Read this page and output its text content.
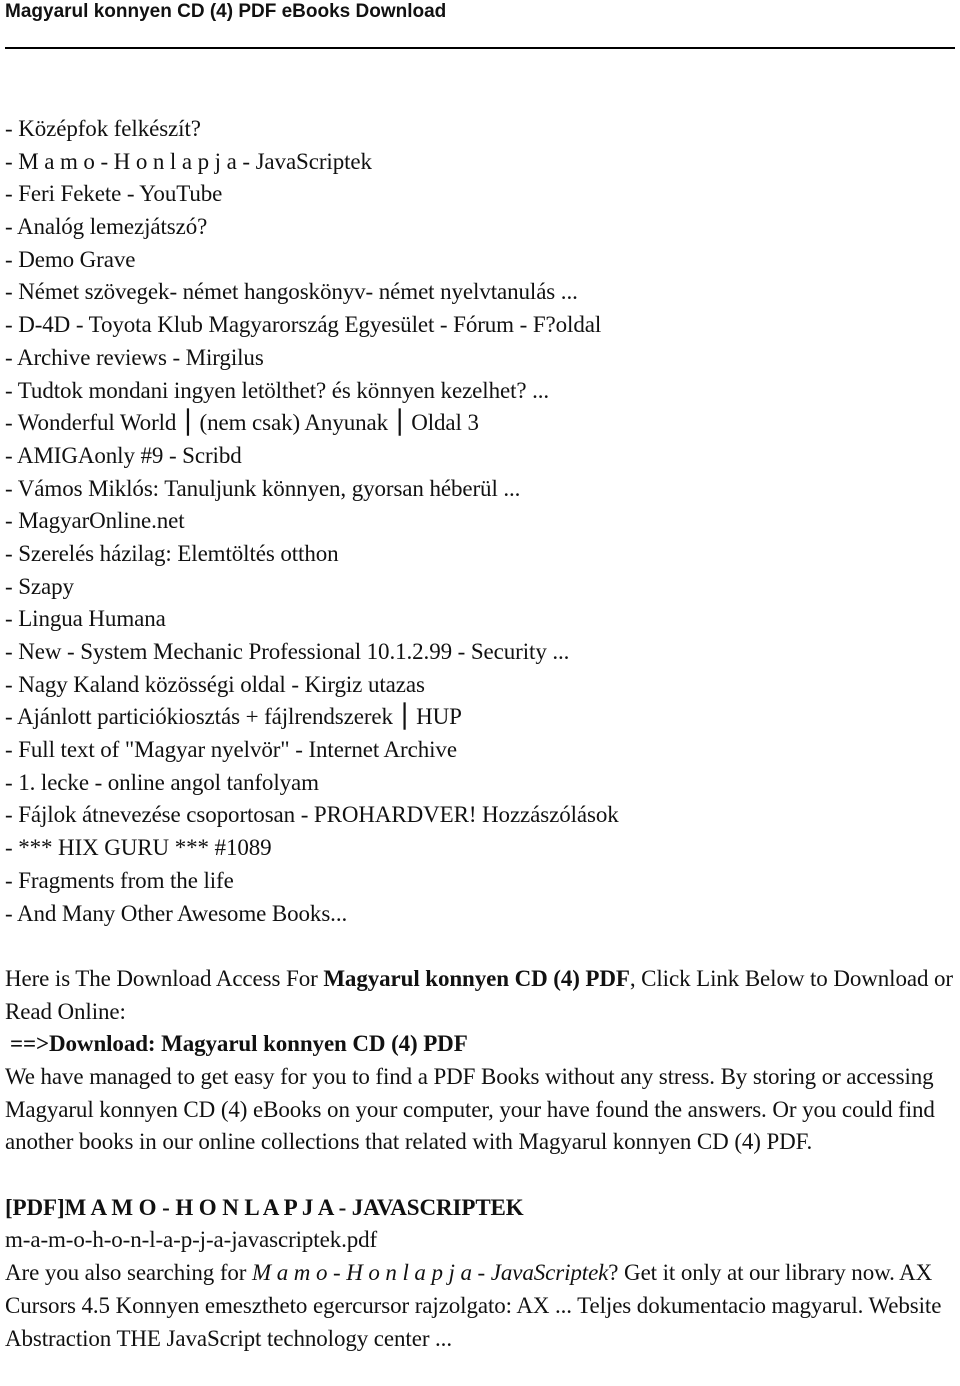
Magyarul konnyen CD (4) PDF eBooks Download
- Középfok felkészít?
- M a m o - H o n l a p j a - JavaScriptek
- Feri Fekete - YouTube
- Analóg lemezjátszó?
- Demo Grave
- Német szövegek- német hangoskönyv- német nyelvtanulás ...
- D-4D - Toyota Klub Magyarország Egyesület - Fórum - F?oldal
- Archive reviews - Mirgilus
- Tudtok mondani ingyen letölthet? és könnyen kezelhet? ...
- Wonderful World ⎮ (nem csak) Anyunak ⎮ Oldal 3
- AMIGAonly #9 - Scribd
- Vámos Miklós: Tanuljunk könnyen, gyorsan héberül ...
- MagyarOnline.net
- Szerelés házilag: Elemtöltés otthon
- Szapy
- Lingua Humana
- New - System Mechanic Professional 10.1.2.99 - Security ...
- Nagy Kaland közösségi oldal - Kirgiz utazas
- Ajánlott particiókiosztás + fájlrendszerek ⎮ HUP
- Full text of "Magyar nyelvör" - Internet Archive
- 1. lecke - online angol tanfolyam
- Fájlok átnevezése csoportosan - PROHARDVER! Hozzászólások
- *** HIX GURU *** #1089
- Fragments from the life
- And Many Other Awesome Books...

Here is The Download Access For Magyarul konnyen CD (4) PDF, Click Link Below to Download or Read Online:

==>Download: Magyarul konnyen CD (4) PDF

We have managed to get easy for you to find a PDF Books without any stress. By storing or accessing Magyarul konnyen CD (4) eBooks on your computer, your have found the answers. Or you could find another books in our online collections that related with Magyarul konnyen CD (4) PDF.

[PDF]M A M O - H O N L A P J A - JAVASCRIPTEK
m-a-m-o-h-o-n-l-a-p-j-a-javascriptek.pdf

Are you also searching for M a m o - H o n l a p j a - JavaScriptek? Get it only at our library now. AX Cursors 4.5 Konnyen emesztheto egercursor rajzolgato: AX ... Teljes dokumentacio magyarul. Website Abstraction THE JavaScript technology center ...
